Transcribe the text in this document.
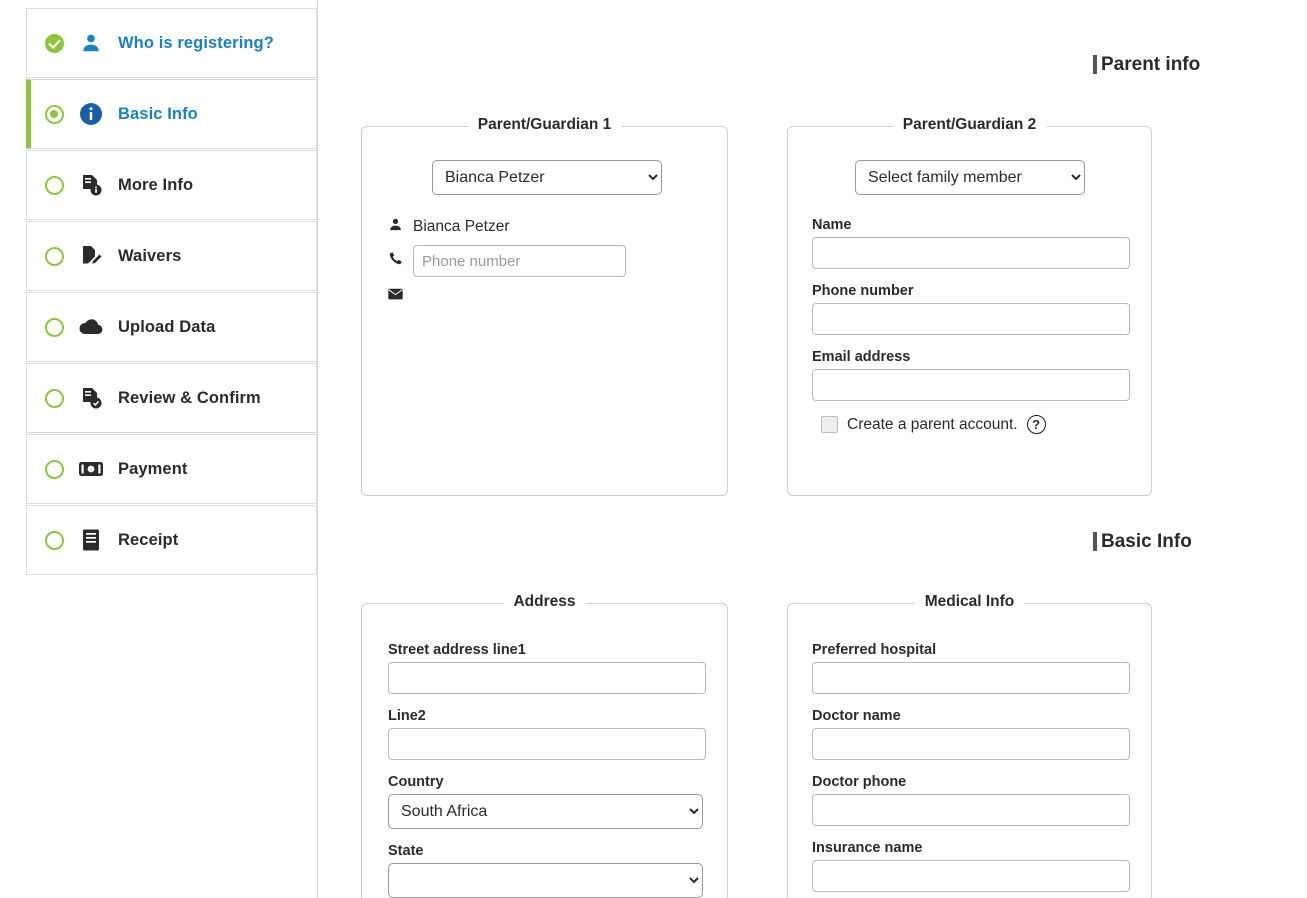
Who is registering?
Basic Info
More Info
Waivers
Upload Data
Review & Confirm
Payment
Receipt
Parent info
Parent/Guardian 1
Bianca Petzer
Bianca Petzer
Phone number
Parent/Guardian 2
Select family member
Name
Phone number
Email address
Create a parent account.	?
Basic Info
Address
Street address line1
Line2
Country
South Africa
State
Medical Info
Preferred hospital
Doctor name
Doctor phone
Insurance name
